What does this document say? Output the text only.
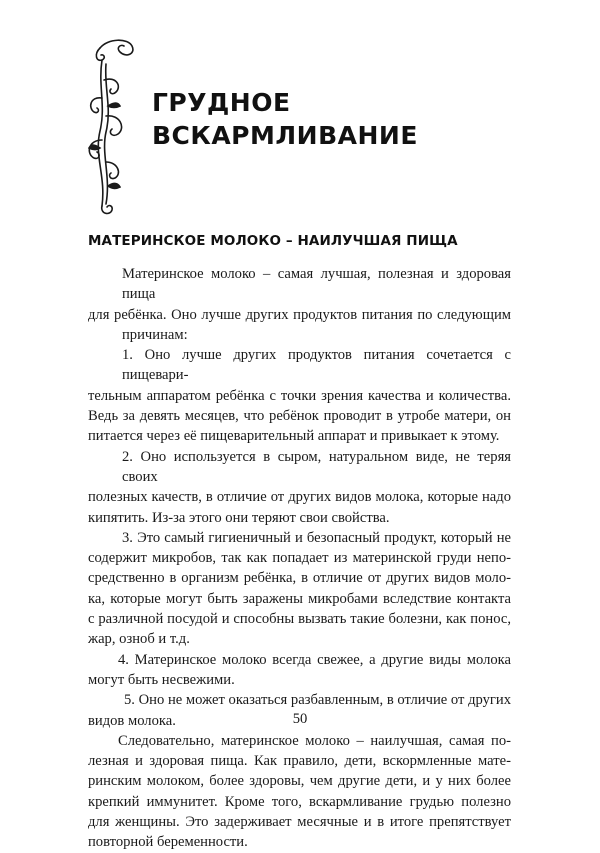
ГРУДНОЕ
ВСКАРМЛИВАНИЕ
МАТЕРИНСКОЕ МОЛОКО – НАИЛУЧШАЯ ПИЩА
Материнское молоко – самая лучшая, полезная и здоровая пища
для ребёнка. Оно лучше других продуктов питания по следующим
причинам:
1. Оно лучше других продуктов питания сочетается с пищевари-
тельным аппаратом ребёнка с точки зрения качества и количества.
Ведь за девять месяцев, что ребёнок проводит в утробе матери, он
питается через её пищеварительный аппарат и привыкает к этому.
2. Оно используется в сыром, натуральном виде, не теряя своих
полезных качеств, в отличие от других видов молока, которые надо
кипятить. Из-за этого они теряют свои свойства.
3. Это самый гигиеничный и безопасный продукт, который не
содержит микробов, так как попадает из материнской груди непо-
средственно в организм ребёнка, в отличие от других видов моло-
ка, которые могут быть заражены микробами вследствие контакта
с различной посудой и способны вызвать такие болезни, как понос,
жар, озноб и т.д.
4. Материнское молоко всегда свежее, а другие виды молока
могут быть несвежими.
5. Оно не может оказаться разбавленным, в отличие от других
видов молока.
Следовательно, материнское молоко – наилучшая, самая по-
лезная и здоровая пища. Как правило, дети, вскормленные мате-
ринским молоком, более здоровы, чем другие дети, и у них более
крепкий иммунитет. Кроме того, вскармливание грудью полезно
для женщины. Это задерживает месячные и в итоге препятствует
повторной беременности.
50
